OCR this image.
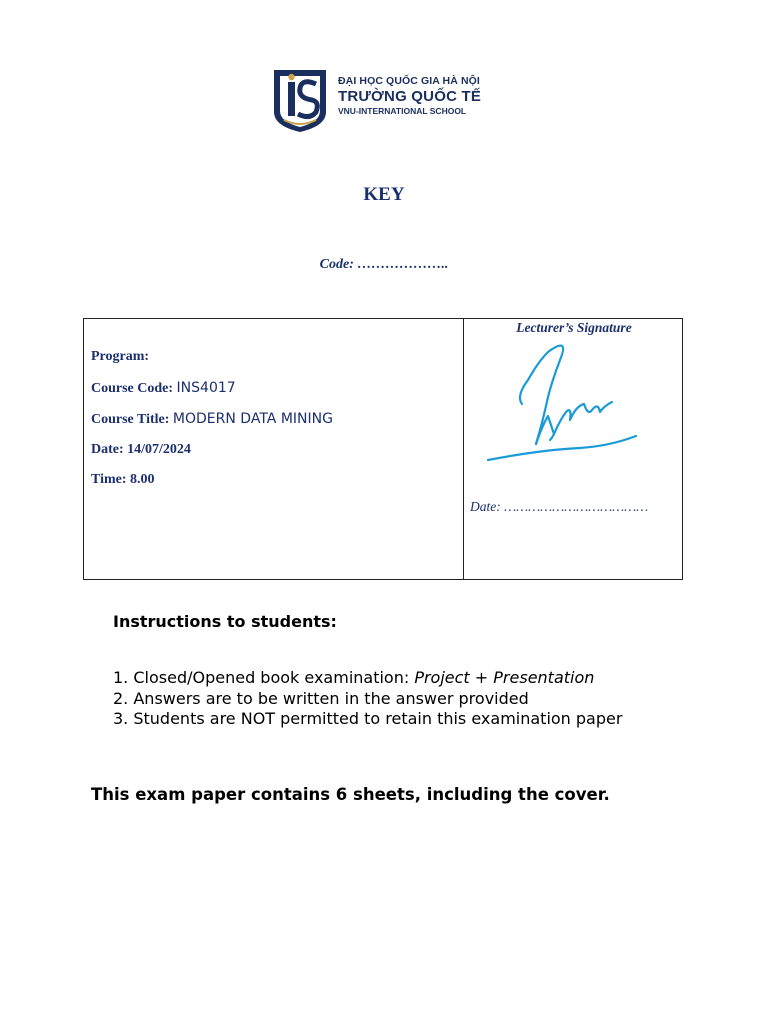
ĐẠI HỌC QUỐC GIA HÀ NỘI
TRƯỜNG QUỐC TẾ
VNU-INTERNATIONAL SCHOOL
KEY
Code: ………………..
Program:
Course Code: INS4017
Course Title: MODERN DATA MINING
Date: 14/07/2024
Time: 8.00
Lecturer’s Signature
Date: ………………………………
Instructions to students:
1. Closed/Opened book examination: Project + Presentation
2. Answers are to be written in the answer provided
3. Students are NOT permitted to retain this examination paper
This exam paper contains 6 sheets, including the cover.
